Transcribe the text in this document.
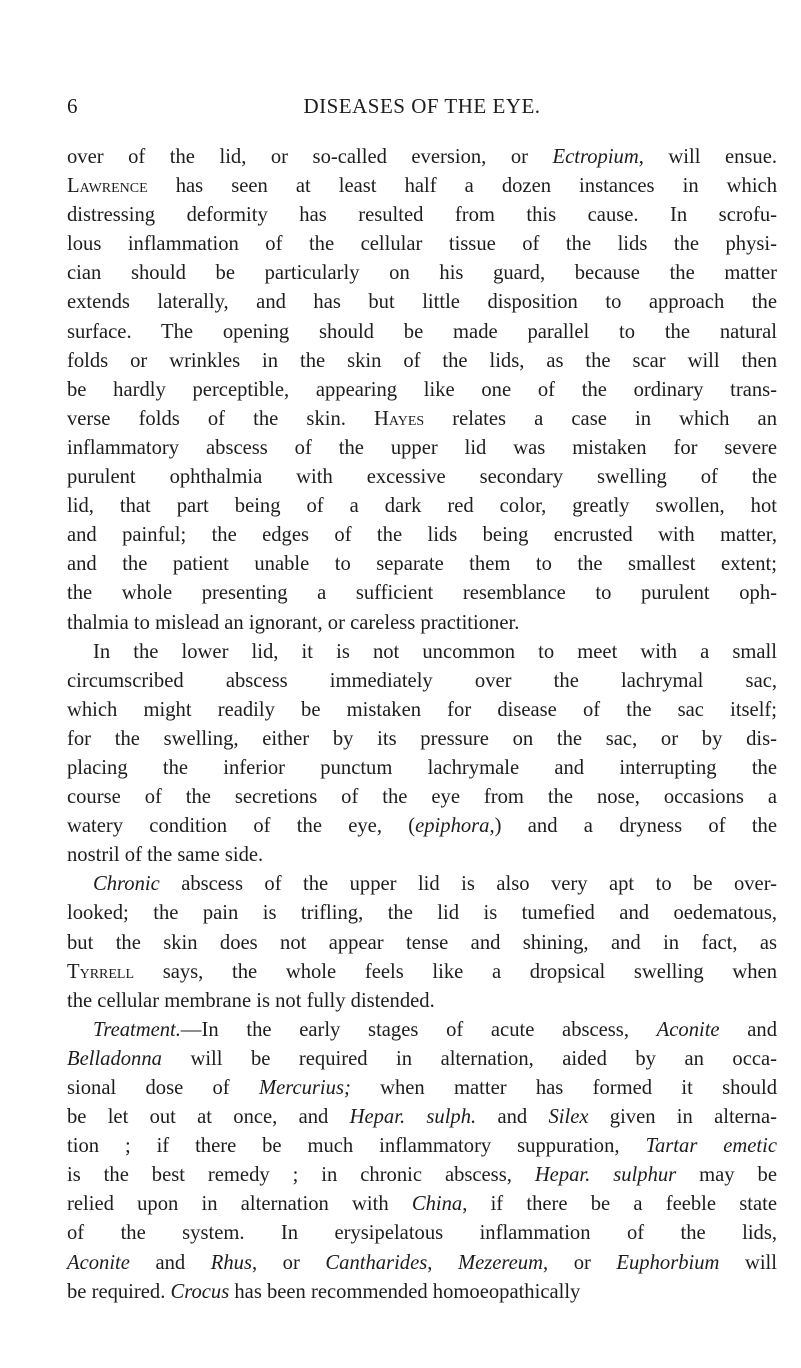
6	DISEASES OF THE EYE.
over of the lid, or so-called eversion, or Ectropium, will ensue.
Lawrence has seen at least half a dozen instances in which
distressing deformity has resulted from this cause. In scrofu-
lous inflammation of the cellular tissue of the lids the physi-
cian should be particularly on his guard, because the matter
extends laterally, and has but little disposition to approach the
surface. The opening should be made parallel to the natural
folds or wrinkles in the skin of the lids, as the scar will then
be hardly perceptible, appearing like one of the ordinary trans-
verse folds of the skin. Hayes relates a case in which an
inflammatory abscess of the upper lid was mistaken for severe
purulent ophthalmia with excessive secondary swelling of the
lid, that part being of a dark red color, greatly swollen, hot
and painful; the edges of the lids being encrusted with matter,
and the patient unable to separate them to the smallest extent;
the whole presenting a sufficient resemblance to purulent oph-
thalmia to mislead an ignorant, or careless practitioner.
In the lower lid, it is not uncommon to meet with a small
circumscribed abscess immediately over the lachrymal sac,
which might readily be mistaken for disease of the sac itself;
for the swelling, either by its pressure on the sac, or by dis-
placing the inferior punctum lachrymale and interrupting the
course of the secretions of the eye from the nose, occasions a
watery condition of the eye, (epiphora,) and a dryness of the
nostril of the same side.
Chronic abscess of the upper lid is also very apt to be over-
looked; the pain is trifling, the lid is tumefied and oedematous,
but the skin does not appear tense and shining, and in fact, as
Tyrrell says, the whole feels like a dropsical swelling when
the cellular membrane is not fully distended.
Treatment.—In the early stages of acute abscess, Aconite and
Belladonna will be required in alternation, aided by an occa-
sional dose of Mercurius; when matter has formed it should
be let out at once, and Hepar. sulph. and Silex given in alterna-
tion ; if there be much inflammatory suppuration, Tartar emetic
is the best remedy ; in chronic abscess, Hepar. sulphur may be
relied upon in alternation with China, if there be a feeble state
of the system. In erysipelatous inflammation of the lids,
Aconite and Rhus, or Cantharides, Mezereum, or Euphorbium will
be required. Crocus has been recommended homoeopathically
